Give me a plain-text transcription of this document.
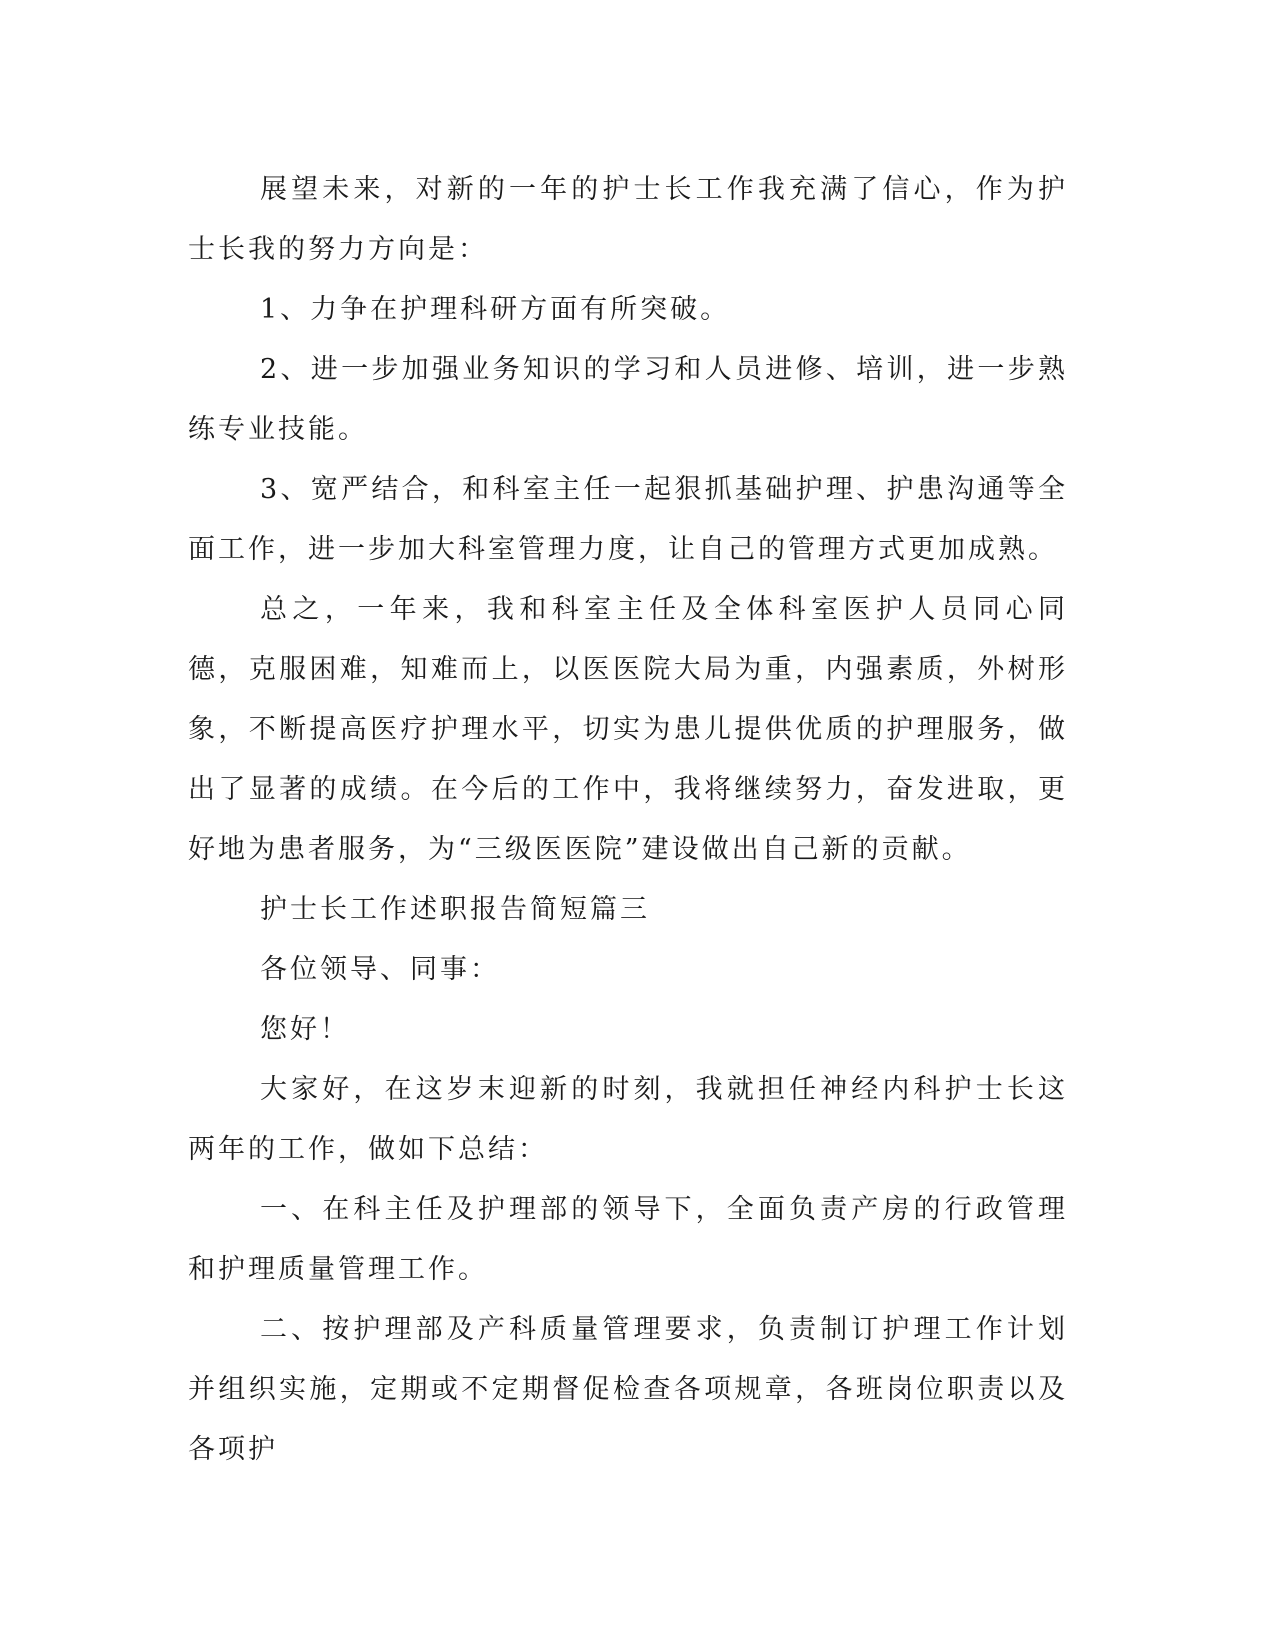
展望未来，对新的一年的护士长工作我充满了信心，作为护士长我的努力方向是：

1、力争在护理科研方面有所突破。

2、进一步加强业务知识的学习和人员进修、培训，进一步熟练专业技能。

3、宽严结合，和科室主任一起狠抓基础护理、护患沟通等全面工作，进一步加大科室管理力度，让自己的管理方式更加成熟。

总之，一年来，我和科室主任及全体科室医护人员同心同德，克服困难，知难而上，以医医院大局为重，内强素质，外树形象，不断提高医疗护理水平，切实为患儿提供优质的护理服务，做出了显著的成绩。在今后的工作中，我将继续努力，奋发进取，更好地为患者服务，为“三级医医院”建设做出自己新的贡献。

护士长工作述职报告简短篇三

各位领导、同事：

您好！

大家好，在这岁末迎新的时刻，我就担任神经内科护士长这两年的工作，做如下总结：

一、在科主任及护理部的领导下，全面负责产房的行政管理和护理质量管理工作。

二、按护理部及产科质量管理要求，负责制订护理工作计划并组织实施，定期或不定期督促检查各项规章，各班岗位职责以及各项护
